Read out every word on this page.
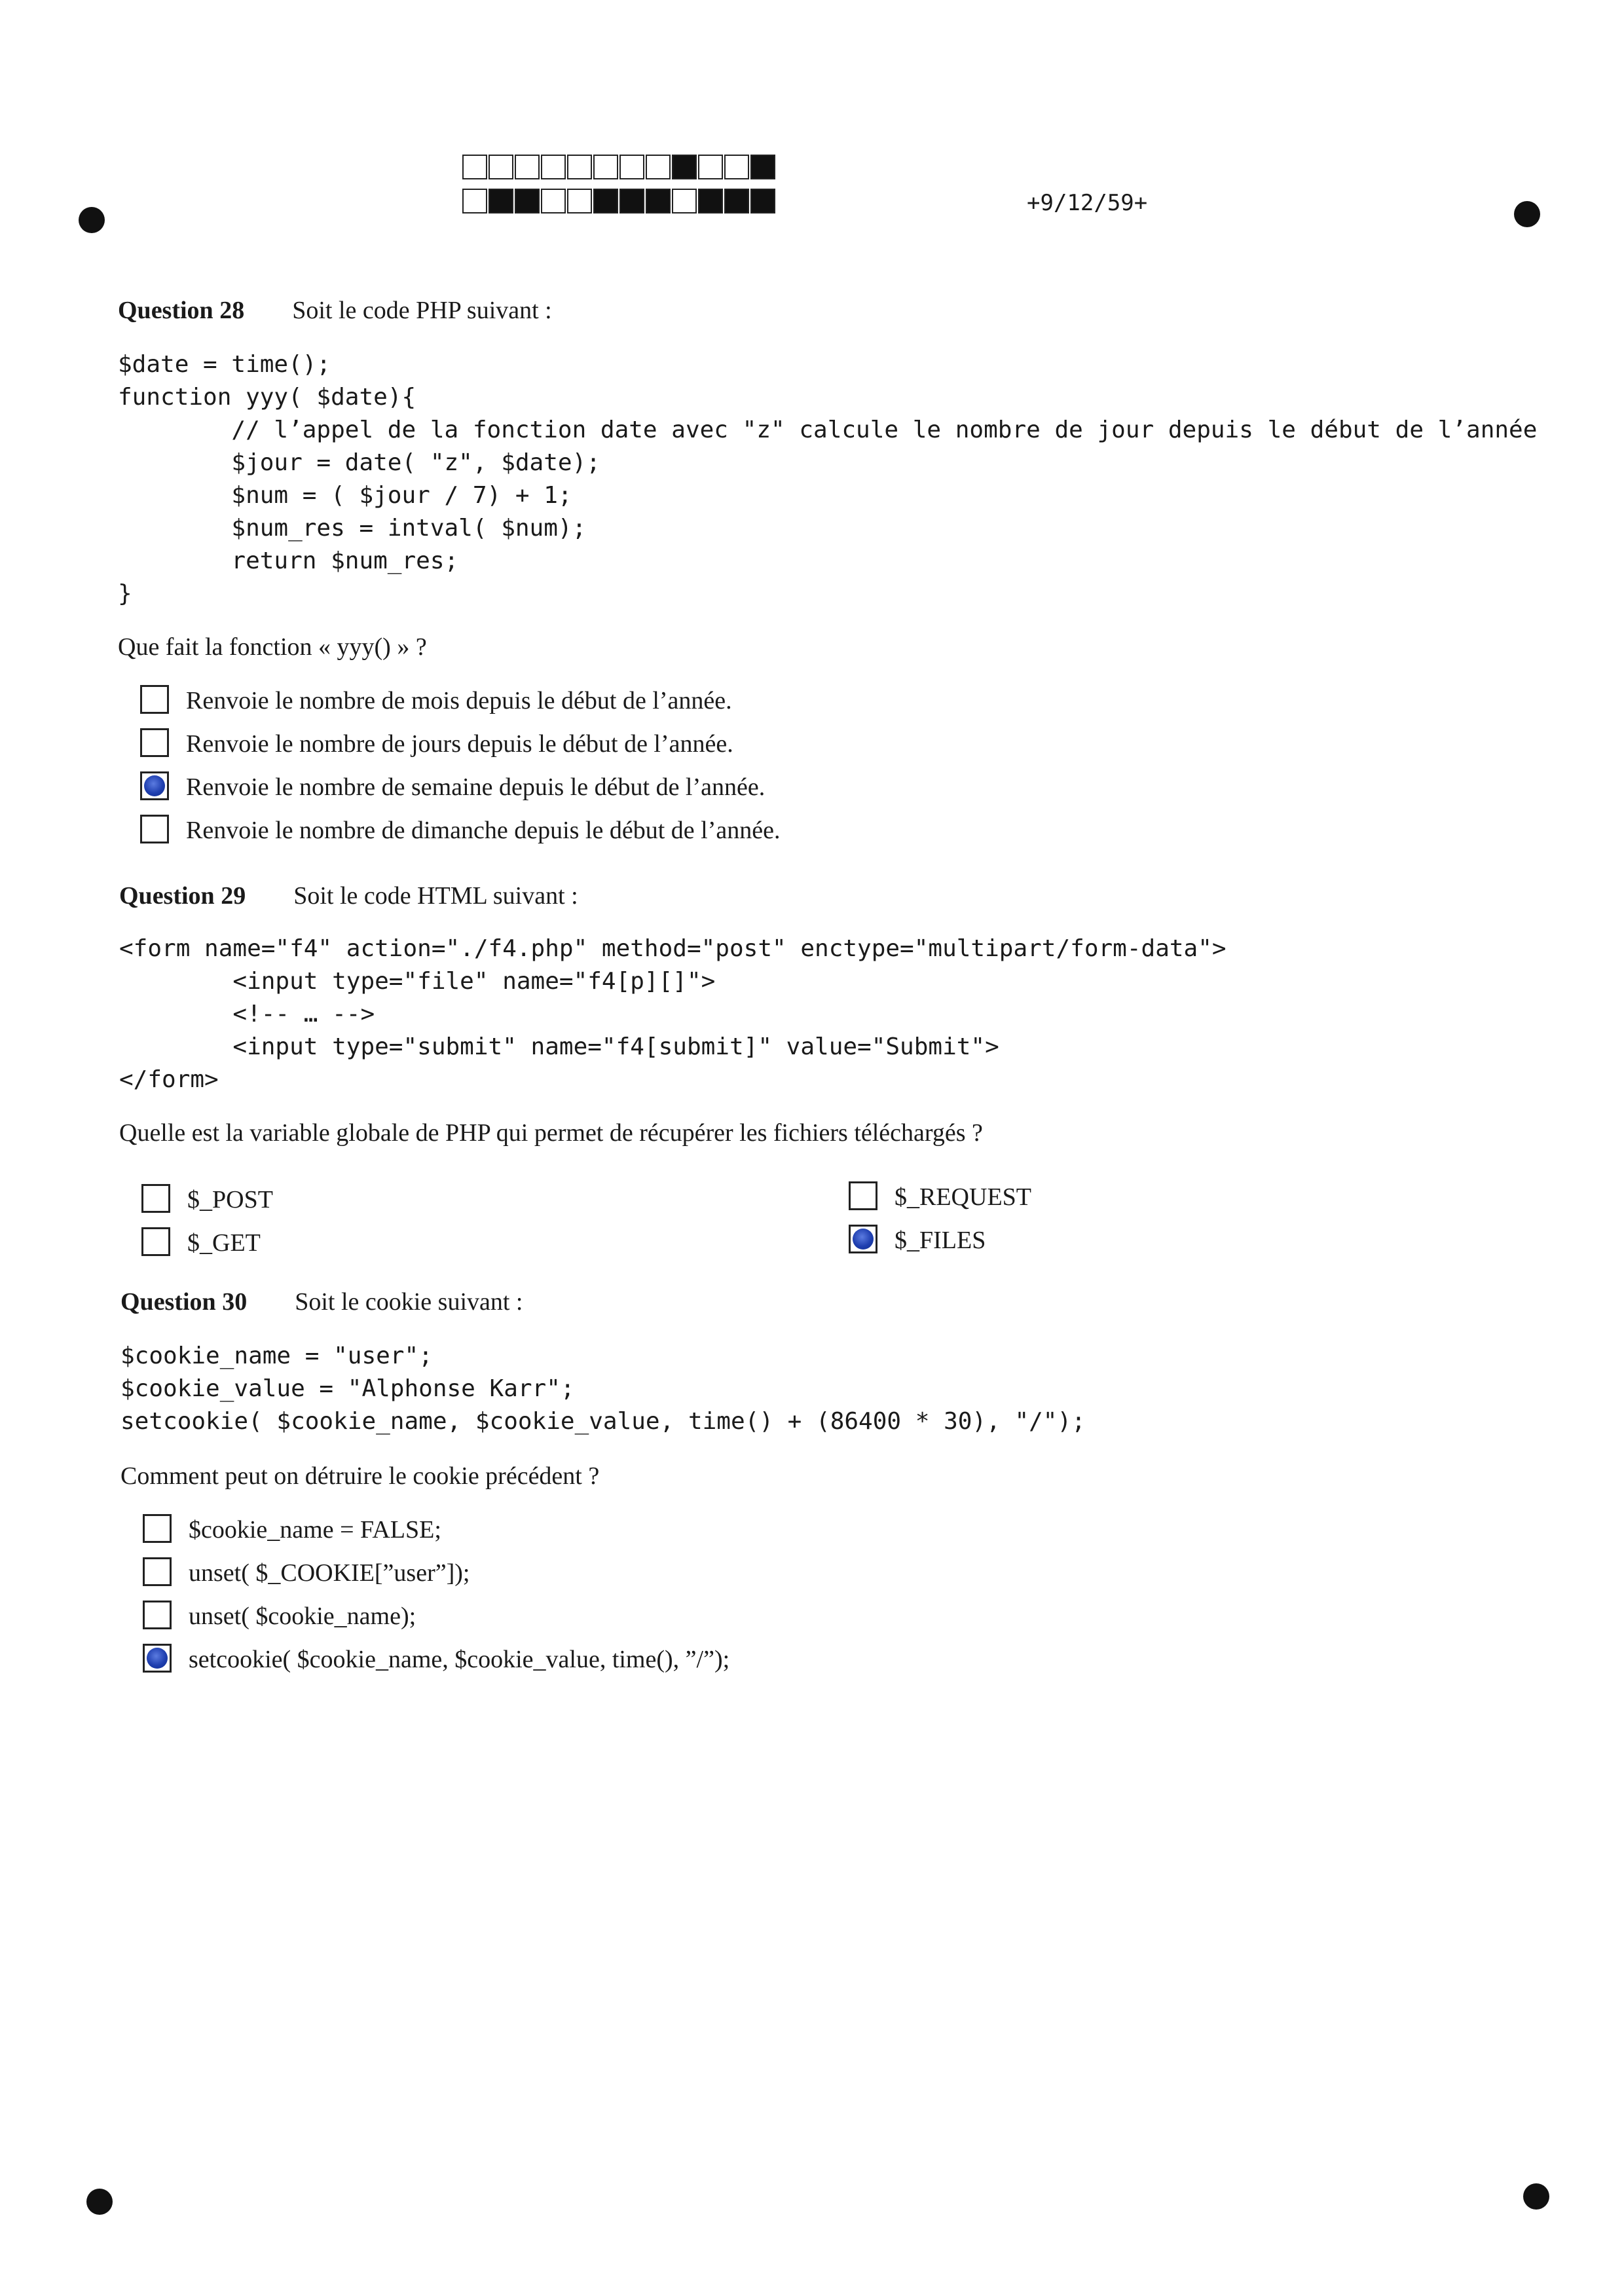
+9/12/59+
Question 28 Soit le code PHP suivant :
$date = time();
function yyy( $date){
// l’appel de la fonction date avec "z" calcule le nombre de jour depuis le début de l’année
$jour = date( "z", $date);
$num = ( $jour / 7) + 1;
$num_res = intval( $num);
return $num_res;
}
Que fait la fonction « yyy() » ?
Renvoie le nombre de mois depuis le début de l’année.
Renvoie le nombre de jours depuis le début de l’année.
Renvoie le nombre de semaine depuis le début de l’année.
Renvoie le nombre de dimanche depuis le début de l’année.
Question 29 Soit le code HTML suivant :
<form name="f4" action="./f4.php" method="post" enctype="multipart/form-data">
<input type="file" name="f4[p][]">
<!-- … -->
<input type="submit" name="f4[submit]" value="Submit">
</form>
Quelle est la variable globale de PHP qui permet de récupérer les fichiers téléchargés ?
$_POST
$_GET
$_REQUEST
$_FILES
Question 30 Soit le cookie suivant :
$cookie_name = "user";
$cookie_value = "Alphonse Karr";
setcookie( $cookie_name, $cookie_value, time() + (86400 * 30), "/");
Comment peut on détruire le cookie précédent ?
$cookie_name = FALSE;
unset( $_COOKIE[”user”]);
unset( $cookie_name);
setcookie( $cookie_name, $cookie_value, time(), ”/”);
